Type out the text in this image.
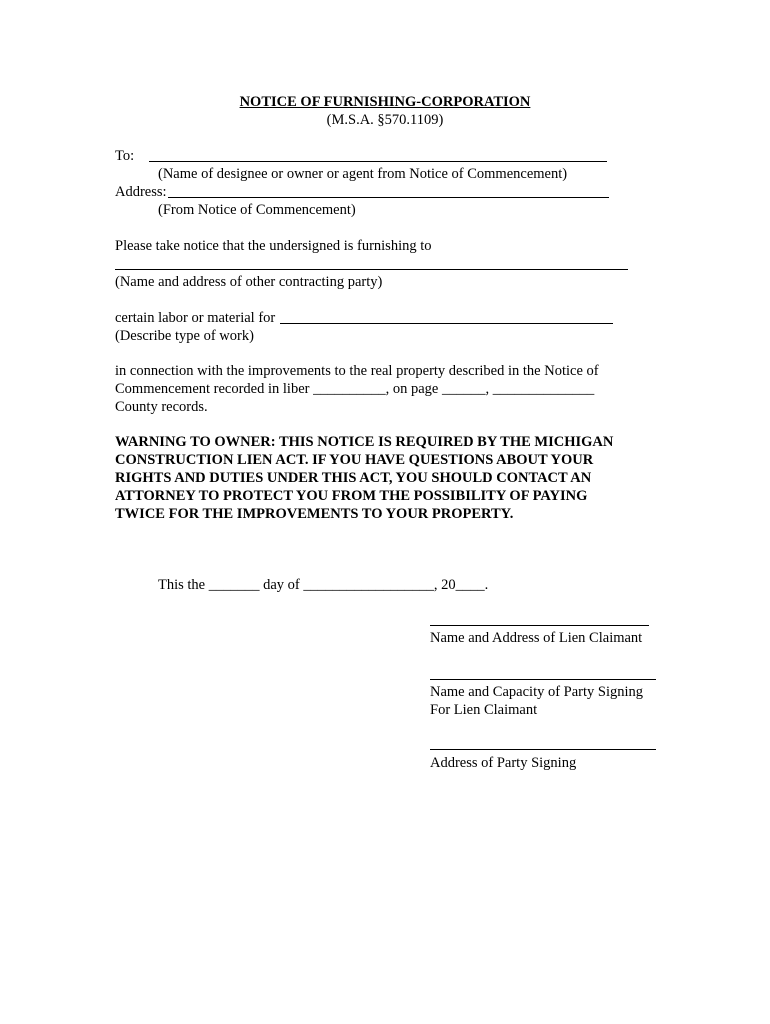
NOTICE OF FURNISHING-CORPORATION
(M.S.A. §570.1109)
To:
(Name of designee or owner or agent from Notice of Commencement)
Address:
(From Notice of Commencement)
Please take notice that the undersigned is furnishing to
(Name and address of other contracting party)
certain labor or material for
(Describe type of work)
in connection with the improvements to the real property described in the Notice of
Commencement recorded in liber __________, on page ______, ______________
County records.
WARNING TO OWNER: THIS NOTICE IS REQUIRED BY THE MICHIGAN
CONSTRUCTION LIEN ACT. IF YOU HAVE QUESTIONS ABOUT YOUR
RIGHTS AND DUTIES UNDER THIS ACT, YOU SHOULD CONTACT AN
ATTORNEY TO PROTECT YOU FROM THE POSSIBILITY OF PAYING
TWICE FOR THE IMPROVEMENTS TO YOUR PROPERTY.
This the _______ day of __________________, 20____.
Name and Address of Lien Claimant
Name and Capacity of Party Signing
For Lien Claimant
Address of Party Signing
